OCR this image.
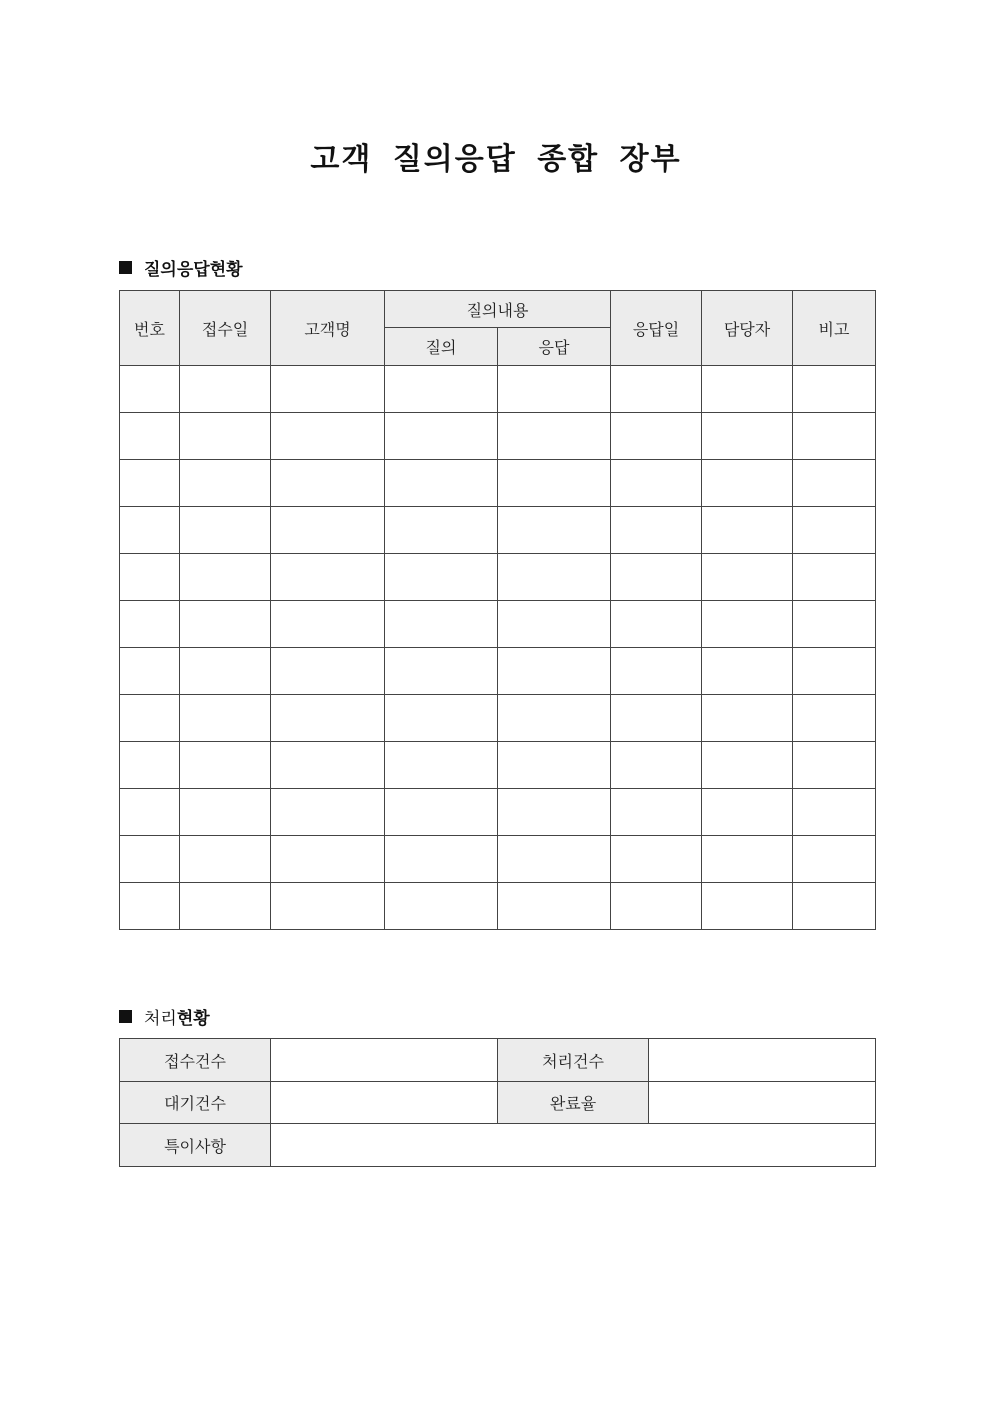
고객 질의응답 종합 장부
질의응답현황
번호	접수일	고객명	질의내용		응답일	담당자	비고
			질의	응답			

처리 현황
접수건수		처리건수	
대기건수		완료율	
특이사항			
